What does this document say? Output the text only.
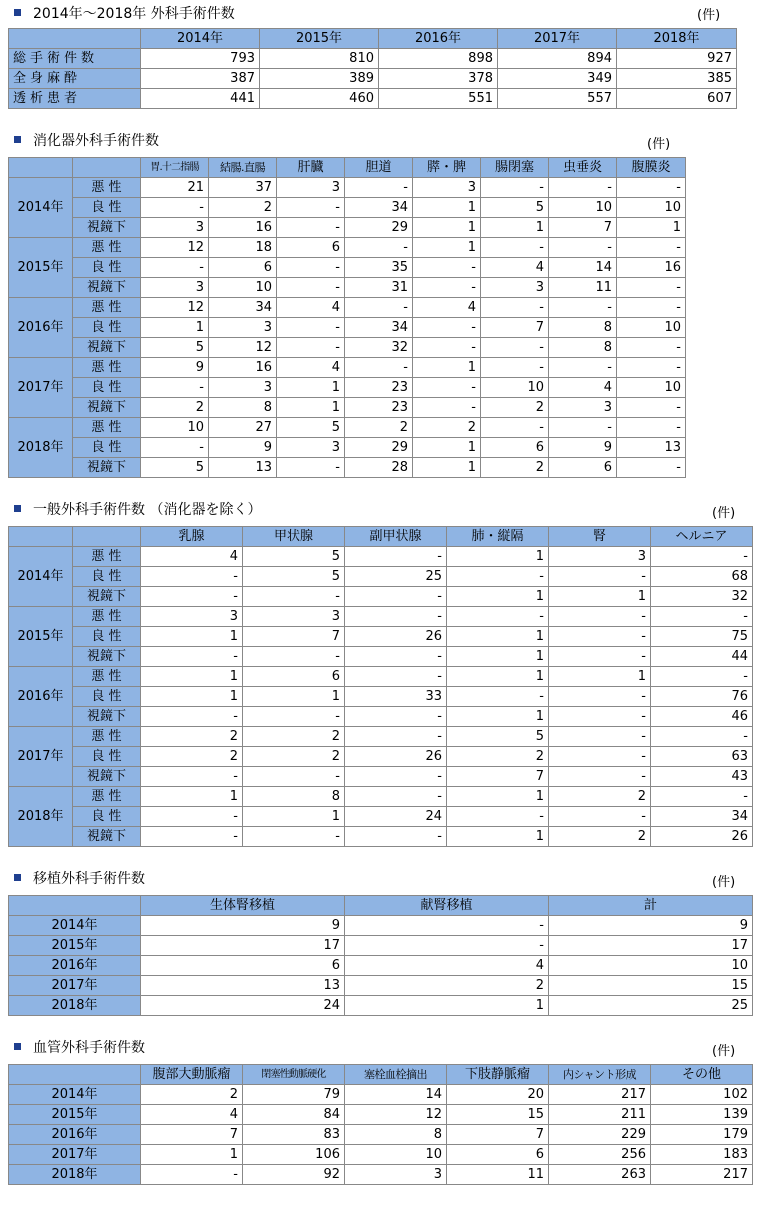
2014年～2018年 外科手術件数	(件)
	2014年	2015年	2016年	2017年	2018年
総手術件数	793	810	898	894	927
全身麻酔	387	389	378	349	385
透析患者	441	460	551	557	607
消化器外科手術件数	(件)
		胃.十二指腸	結腸.直腸	肝臓	胆道	膵・脾	腸閉塞	虫垂炎	腹膜炎
2014年	悪 性	21	37	3	-	3	-	-	-
	良 性	-	2	-	34	1	5	10	10
	視鏡下	3	16	-	29	1	1	7	1
2015年	悪 性	12	18	6	-	1	-	-	-
	良 性	-	6	-	35	-	4	14	16
	視鏡下	3	10	-	31	-	3	11	-
2016年	悪 性	12	34	4	-	4	-	-	-
	良 性	1	3	-	34	-	7	8	10
	視鏡下	5	12	-	32	-	-	8	-
2017年	悪 性	9	16	4	-	1	-	-	-
	良 性	-	3	1	23	-	10	4	10
	視鏡下	2	8	1	23	-	2	3	-
2018年	悪 性	10	27	5	2	2	-	-	-
	良 性	-	9	3	29	1	6	9	13
	視鏡下	5	13	-	28	1	2	6	-
一般外科手術件数 （消化器を除く）	(件)
		乳腺	甲状腺	副甲状腺	肺・縦隔	腎	ヘルニア
2014年	悪 性	4	5	-	1	3	-
	良 性	-	5	25	-	-	68
	視鏡下	-	-	-	1	1	32
2015年	悪 性	3	3	-	-	-	-
	良 性	1	7	26	1	-	75
	視鏡下	-	-	-	1	-	44
2016年	悪 性	1	6	-	1	1	-
	良 性	1	1	33	-	-	76
	視鏡下	-	-	-	1	-	46
2017年	悪 性	2	2	-	5	-	-
	良 性	2	2	26	2	-	63
	視鏡下	-	-	-	7	-	43
2018年	悪 性	1	8	-	1	2	-
	良 性	-	1	24	-	-	34
	視鏡下	-	-	-	1	2	26
移植外科手術件数	(件)
	生体腎移植	献腎移植	計
2014年	9	-	9
2015年	17	-	17
2016年	6	4	10
2017年	13	2	15
2018年	24	1	25
血管外科手術件数	(件)
	腹部大動脈瘤	閉塞性動脈硬化	塞栓血栓摘出	下肢静脈瘤	内シャント形成	その他
2014年	2	79	14	20	217	102
2015年	4	84	12	15	211	139
2016年	7	83	8	7	229	179
2017年	1	106	10	6	256	183
2018年	-	92	3	11	263	217
